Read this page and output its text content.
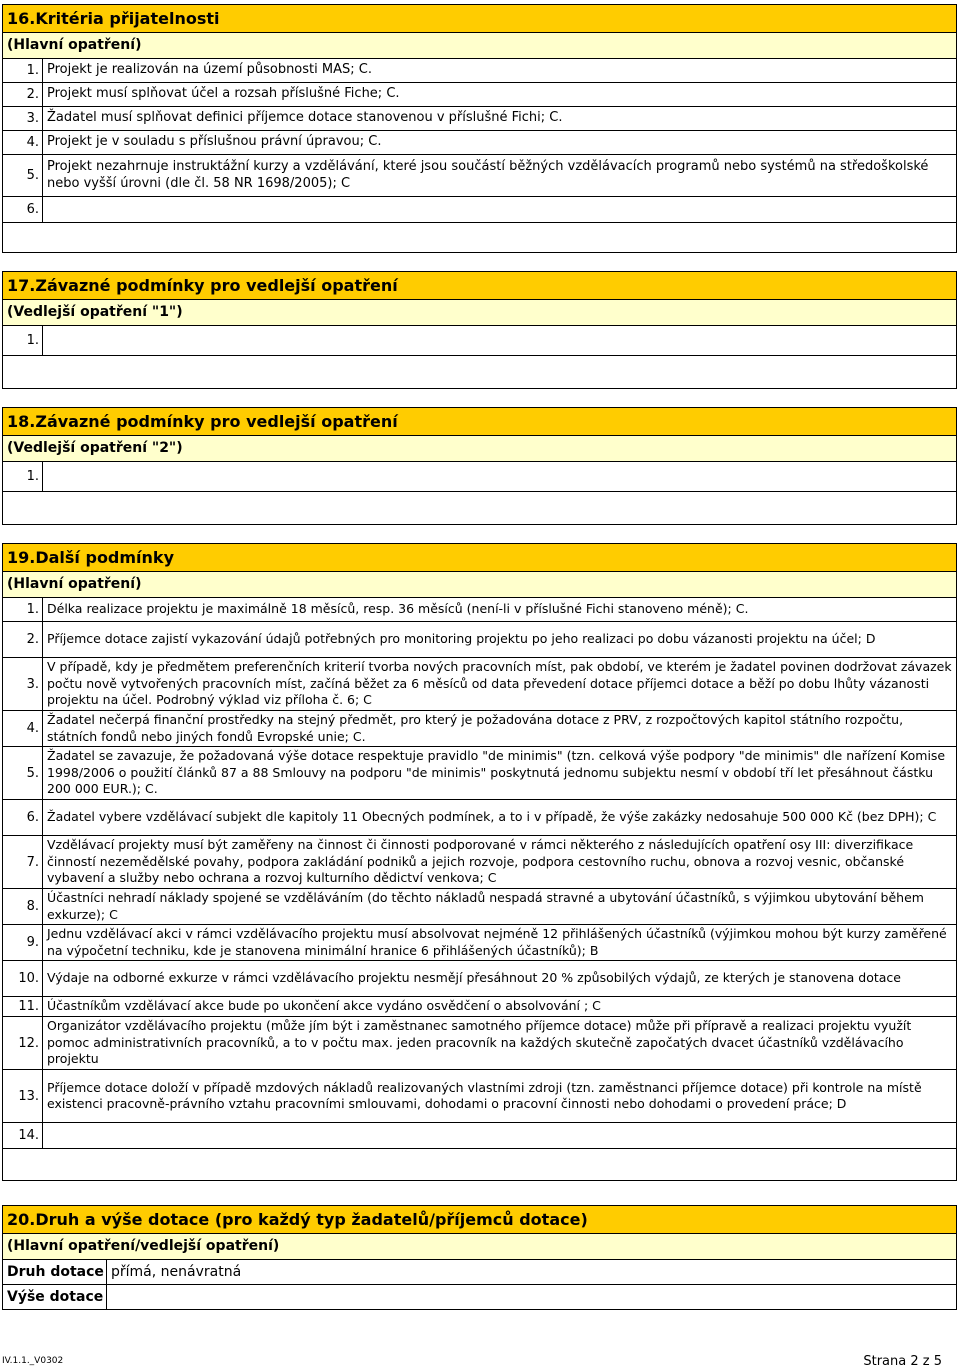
16.Kritéria přijatelnosti
(Hlavní opatření)
1. Projekt je realizován na území působnosti MAS; C.
2. Projekt musí splňovat účel a rozsah příslušné Fiche; C.
3. Žadatel musí splňovat definici příjemce dotace stanovenou v příslušné Fichi; C.
4. Projekt je v souladu s příslušnou právní úpravou; C.
5.
Projekt nezahrnuje instruktážní kurzy a vzdělávání, které jsou součástí běžných vzdělávacích programů nebo systémů na středoškolské nebo vyšší úrovni (dle čl. 58 NR 1698/2005); C
6.
17.Závazné podmínky pro vedlejší opatření
(Vedlejší opatření "1")
1.
18.Závazné podmínky pro vedlejší opatření
(Vedlejší opatření "2")
1.
19.Další podmínky
(Hlavní opatření)
1. Délka realizace projektu je maximálně 18 měsíců, resp. 36 měsíců (není-li v příslušné Fichi stanoveno méně); C.
2. Příjemce dotace zajistí vykazování údajů potřebných pro monitoring projektu po jeho realizaci po dobu vázanosti projektu na účel; D
3.
V případě, kdy je předmětem preferenčních kriterií tvorba nových pracovních míst, pak období, ve kterém je žadatel povinen dodržovat závazek počtu nově vytvořených pracovních míst, začíná běžet za 6 měsíců od data převedení dotace příjemci dotace a běží po dobu lhůty vázanosti projektu na účel. Podrobný výklad viz příloha č. 6; C
4.
Žadatel nečerpá finanční prostředky na stejný předmět, pro který je požadována dotace z PRV, z rozpočtových kapitol státního rozpočtu, státních fondů nebo jiných fondů Evropské unie; C.
5.
Žadatel se zavazuje, že požadovaná výše dotace respektuje pravidlo "de minimis" (tzn. celková výše podpory "de minimis" dle nařízení Komise 1998/2006 o použití článků 87 a 88 Smlouvy na podporu "de minimis" poskytnutá jednomu subjektu nesmí v období tří let přesáhnout částku 200 000 EUR.); C.
6. Žadatel vybere vzdělávací subjekt dle kapitoly 11 Obecných podmínek, a to i v případě, že výše zakázky nedosahuje 500 000 Kč (bez DPH); C
7.
Vzdělávací projekty musí být zaměřeny na činnost či činnosti podporované v rámci některého z následujících opatření osy III: diverzifikace činností nezemědělské povahy, podpora zakládání podniků a jejich rozvoje, podpora cestovního ruchu, obnova a rozvoj vesnic, občanské vybavení a služby nebo ochrana a rozvoj kulturního dědictví venkova; C
8.
Účastníci nehradí náklady spojené se vzděláváním (do těchto nákladů nespadá stravné a ubytování účastníků, s výjimkou ubytování během exkurze); C
9.
Jednu vzdělávací akci v rámci vzdělávacího projektu musí absolvovat nejméně 12 přihlášených účastníků (výjimkou mohou být kurzy zaměřené na výpočetní techniku, kde je stanovena minimální hranice 6 přihlášených účastníků); B
10. Výdaje na odborné exkurze v rámci vzdělávacího projektu nesmějí přesáhnout 20 % způsobilých výdajů, ze kterých je stanovena dotace
11. Účastníkům vzdělávací akce bude po ukončení akce vydáno osvědčení o absolvování ; C
12.
Organizátor vzdělávacího projektu (může jím být i zaměstnanec samotného příjemce dotace) může při přípravě a realizaci projektu využít pomoc administrativních pracovníků, a to v počtu max. jeden pracovník na každých skutečně započatých dvacet účastníků vzdělávacího projektu
13.
Příjemce dotace doloží v případě mzdových nákladů realizovaných vlastními zdroji (tzn. zaměstnanci příjemce dotace) při kontrole na místě existenci pracovně-právního vztahu pracovními smlouvami, dohodami o pracovní činnosti nebo dohodami o provedení práce; D
14.
20.Druh a výše dotace (pro každý typ žadatelů/příjemců dotace)
(Hlavní opatření/vedlejší opatření)
Druh dotace přímá, nenávratná
Výše dotace
IV.1.1._V0302	Strana 2 z 5
